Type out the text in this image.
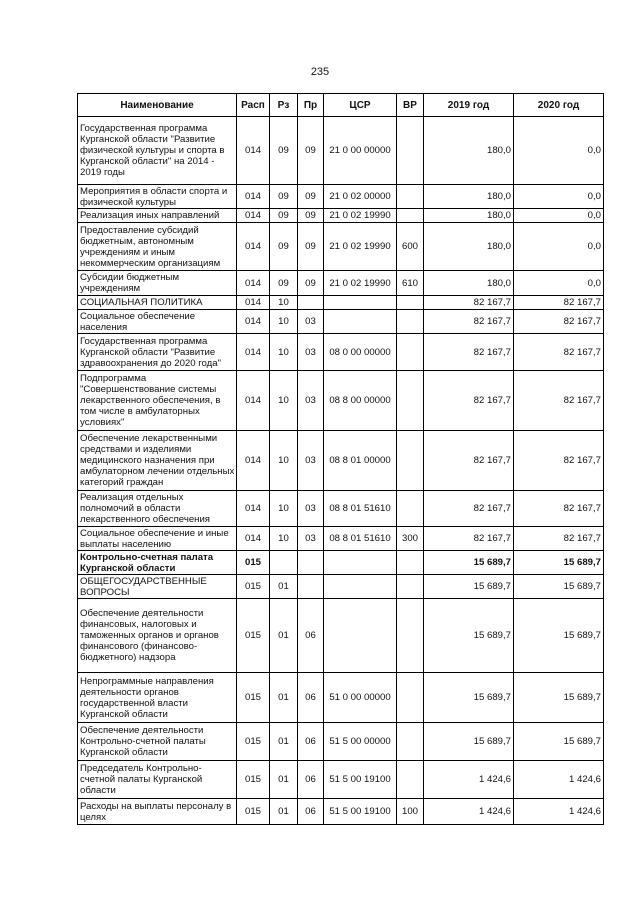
235
Наименование	Расп	Рз	Пр	ЦСР	ВР	2019 год	2020 год
Государственная программа Курганской области "Развитие физической культуры и спорта в Курганской области" на 2014 - 2019 годы	014	09	09	21 0 00 00000		180,0	0,0
Мероприятия в области спорта и физической культуры	014	09	09	21 0 02 00000		180,0	0,0
Реализация иных направлений	014	09	09	21 0 02 19990		180,0	0,0
Предоставление субсидий бюджетным, автономным учреждениям и иным некоммерческим организациям	014	09	09	21 0 02 19990	600	180,0	0,0
Субсидии бюджетным учреждениям	014	09	09	21 0 02 19990	610	180,0	0,0
СОЦИАЛЬНАЯ ПОЛИТИКА	014	10				82 167,7	82 167,7
Социальное обеспечение населения	014	10	03			82 167,7	82 167,7
Государственная программа Курганской области "Развитие здравоохранения до 2020 года"	014	10	03	08 0 00 00000		82 167,7	82 167,7
Подпрограмма "Совершенствование системы лекарственного обеспечения, в том числе в амбулаторных условиях"	014	10	03	08 8 00 00000		82 167,7	82 167,7
Обеспечение лекарственными средствами и изделиями медицинского назначения при амбулаторном лечении отдельных категорий граждан	014	10	03	08 8 01 00000		82 167,7	82 167,7
Реализация отдельных полномочий в области лекарственного обеспечения	014	10	03	08 8 01 51610		82 167,7	82 167,7
Социальное обеспечение и иные выплаты населению	014	10	03	08 8 01 51610	300	82 167,7	82 167,7
Контрольно-счетная палата Курганской области	015					15 689,7	15 689,7
ОБЩЕГОСУДАРСТВЕННЫЕ ВОПРОСЫ	015	01				15 689,7	15 689,7
Обеспечение деятельности финансовых, налоговых и таможенных органов и органов финансового (финансово-бюджетного) надзора	015	01	06			15 689,7	15 689,7
Непрограммные направления деятельности органов государственной власти Курганской области	015	01	06	51 0 00 00000		15 689,7	15 689,7
Обеспечение деятельности Контрольно-счетной палаты Курганской области	015	01	06	51 5 00 00000		15 689,7	15 689,7
Председатель Контрольно-счетной палаты Курганской области	015	01	06	51 5 00 19100		1 424,6	1 424,6
Расходы на выплаты персоналу в целях	015	01	06	51 5 00 19100	100	1 424,6	1 424,6
